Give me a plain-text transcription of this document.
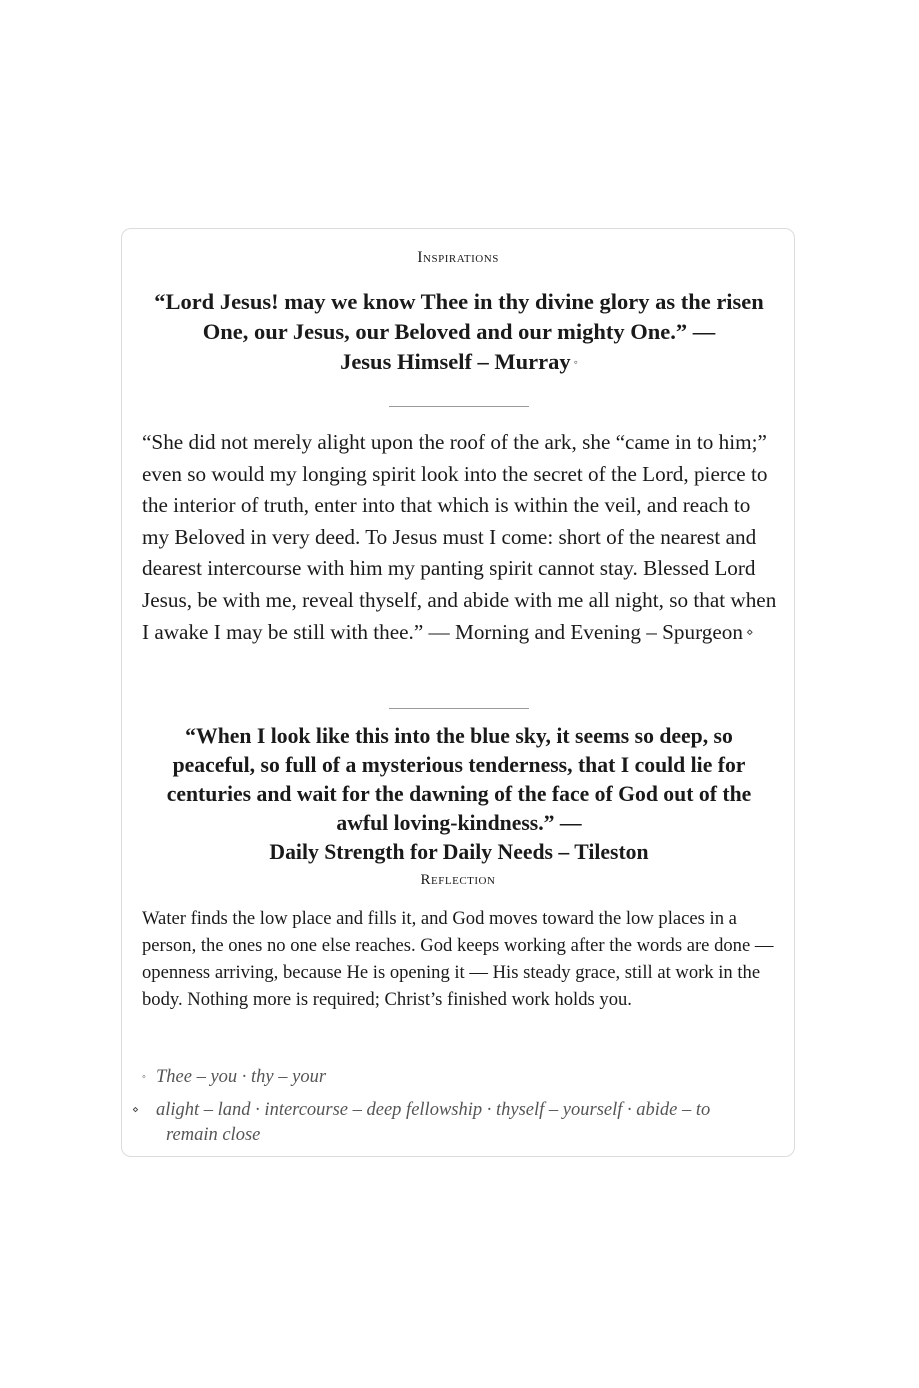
Inspirations
“Lord Jesus! may we know Thee in thy divine glory as the risen One, our Jesus, our Beloved and our mighty One.” — Jesus Himself – Murray ◦
“She did not merely alight upon the roof of the ark, she “came in to him;” even so would my longing spirit look into the secret of the Lord, pierce to the interior of truth, enter into that which is within the veil, and reach to my Beloved in very deed. To Jesus must I come: short of the nearest and dearest intercourse with him my panting spirit cannot stay. Blessed Lord Jesus, be with me, reveal thyself, and abide with me all night, so that when I awake I may be still with thee.” — Morning and Evening – Spurgeon ⋄
“When I look like this into the blue sky, it seems so deep, so peaceful, so full of a mysterious tenderness, that I could lie for centuries and wait for the dawning of the face of God out of the awful loving-kindness.” —
Daily Strength for Daily Needs – Tileston
Reflection
Water finds the low place and fills it, and God moves toward the low places in a person, the ones no one else reaches. God keeps working after the words are done — openness arriving, because He is opening it — His steady grace, still at work in the body. Nothing more is required; Christ’s finished work holds you.
◦ Thee – you · thy – your
⋄ alight – land · intercourse – deep fellowship · thyself – yourself · abide – to remain close
